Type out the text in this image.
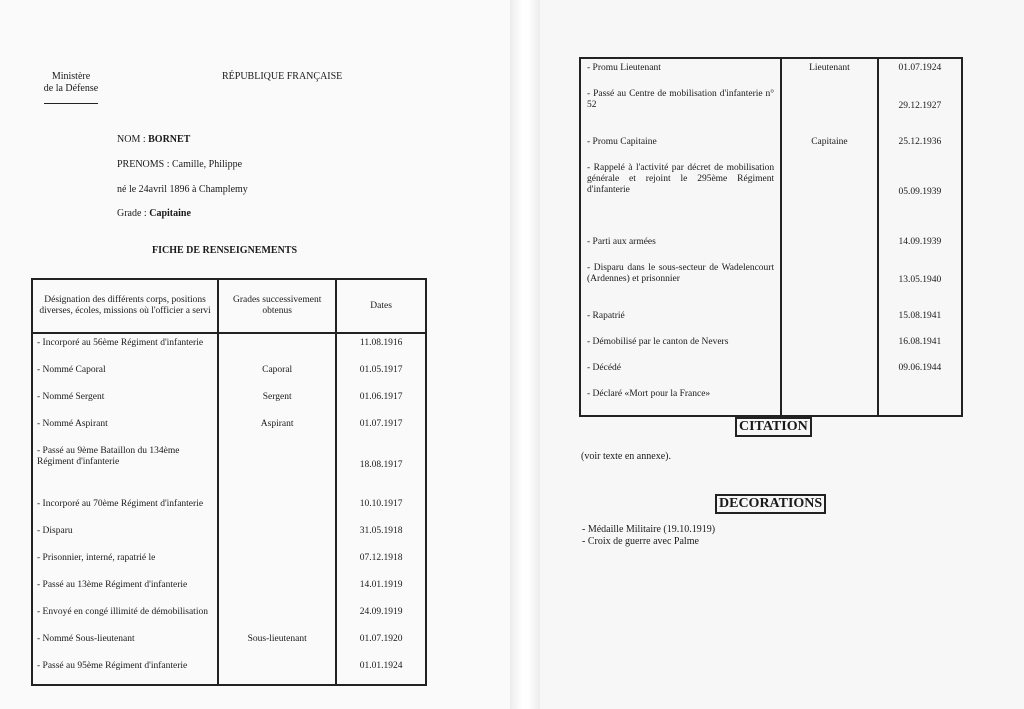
Ministère
de la Défense
RÉPUBLIQUE FRANÇAISE
NOM : BORNET
PRENOMS : Camille, Philippe
né le 24avril 1896 à Champlemy
Grade : Capitaine
FICHE DE RENSEIGNEMENTS
Désignation des différents corps, positions diverses, écoles, missions où l'officier a servi	Grades successivement obtenus	Dates
- Incorporé au 56ème Régiment d'infanterie		11.08.1916
- Nommé Caporal	Caporal	01.05.1917
- Nommé Sergent	Sergent	01.06.1917
- Nommé Aspirant	Aspirant	01.07.1917
- Passé au 9ème Bataillon du 134ème Régiment d'infanterie		18.08.1917
- Incorporé au 70ème Régiment d'infanterie		10.10.1917
- Disparu		31.05.1918
- Prisonnier, interné, rapatrié le		07.12.1918
- Passé au 13ème Régiment d'infanterie		14.01.1919
- Envoyé en congé illimité de démobilisation		24.09.1919
- Nommé Sous-lieutenant	Sous-lieutenant	01.07.1920
- Passé au 95ème Régiment d'infanterie		01.01.1924

- Promu Lieutenant	Lieutenant	01.07.1924
- Passé au Centre de mobilisation d'infanterie n° 52		29.12.1927
- Promu Capitaine	Capitaine	25.12.1936
- Rappelé à l'activité par décret de mobilisation générale et rejoint le 295ème Régiment d'infanterie		05.09.1939
- Parti aux armées		14.09.1939
- Disparu dans le sous-secteur de Wadelencourt (Ardennes) et prisonnier		13.05.1940
- Rapatrié		15.08.1941
- Démobilisé par le canton de Nevers		16.08.1941
- Décédé		09.06.1944
- Déclaré «Mort pour la France»		

CITATION
(voir texte en annexe).
DECORATIONS
- Médaille Militaire (19.10.1919)
- Croix de guerre avec Palme
